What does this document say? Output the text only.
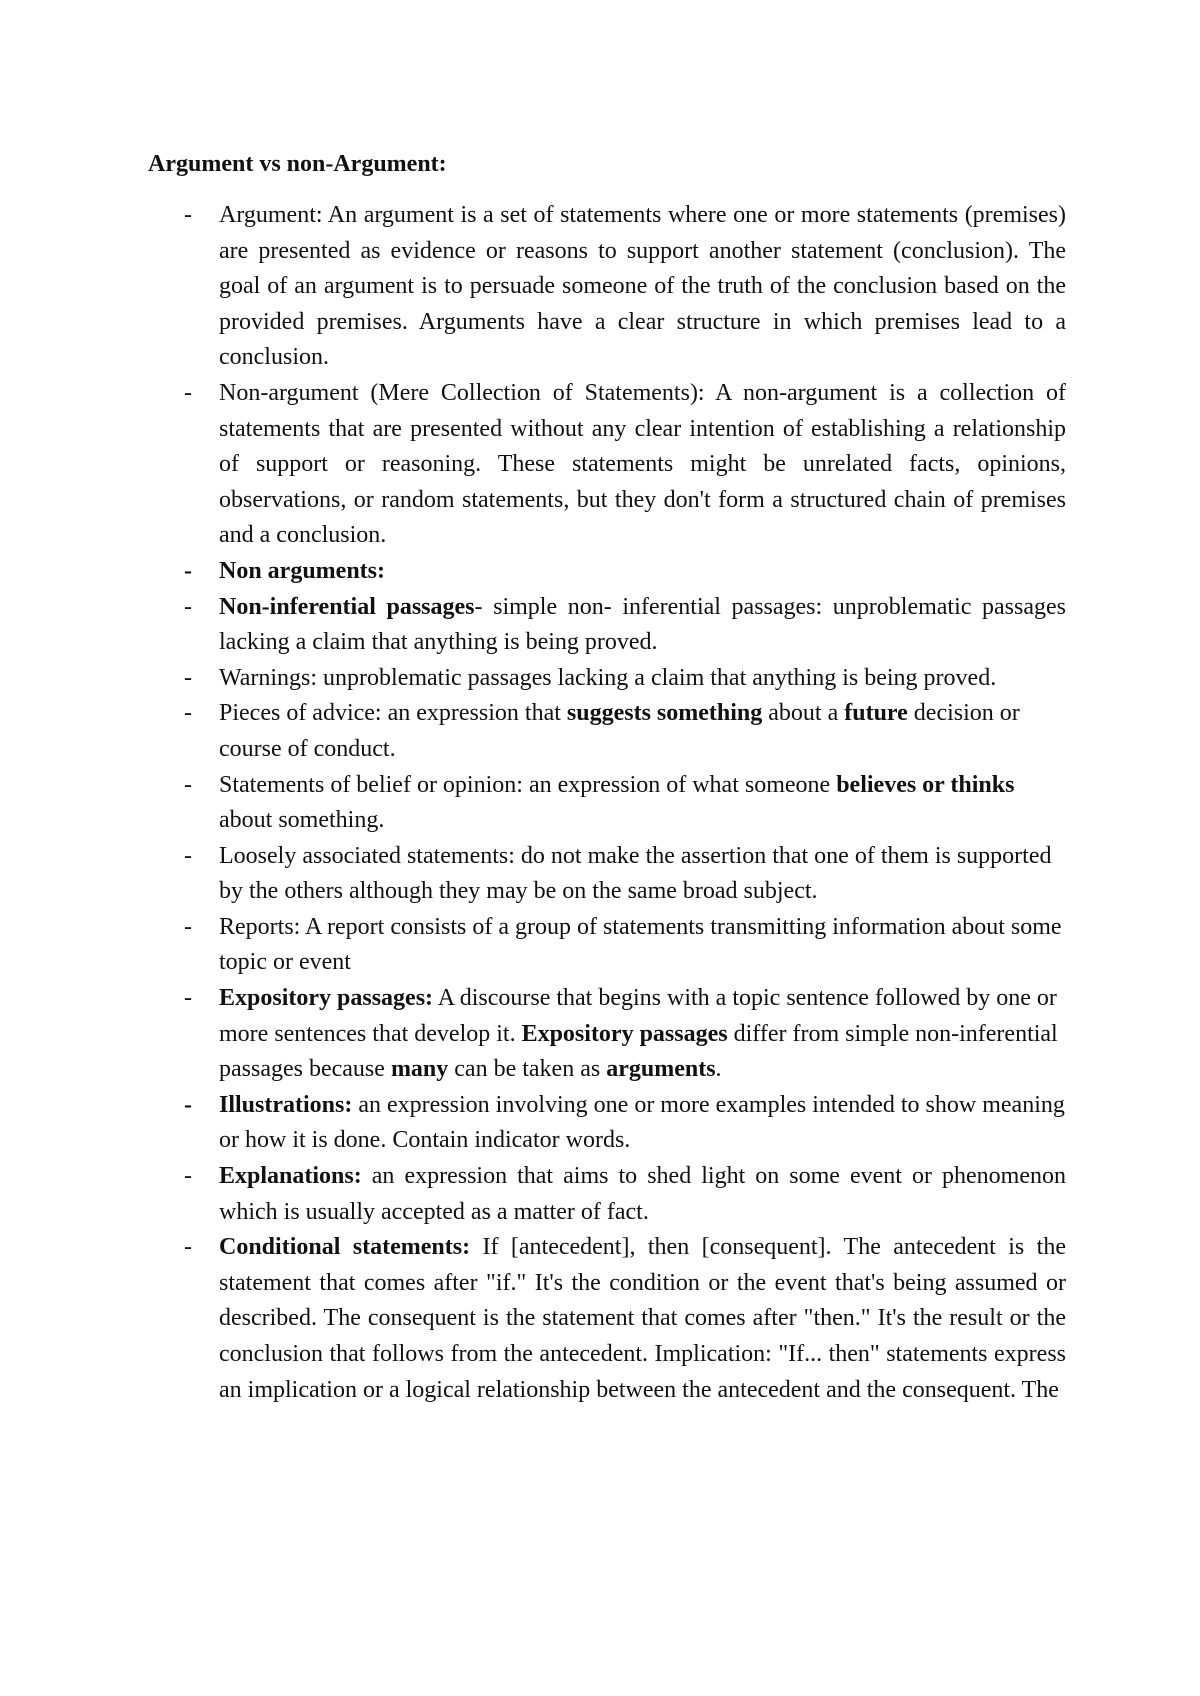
Argument vs non-Argument:

-	Argument: An argument is a set of statements where one or more statements (premises) are presented as evidence or reasons to support another statement (conclusion). The goal of an argument is to persuade someone of the truth of the conclusion based on the provided premises. Arguments have a clear structure in which premises lead to a conclusion.
-	Non-argument (Mere Collection of Statements): A non-argument is a collection of statements that are presented without any clear intention of establishing a relationship of support or reasoning. These statements might be unrelated facts, opinions, observations, or random statements, but they don't form a structured chain of premises and a conclusion.
-	Non arguments:
-	Non-inferential passages- simple non- inferential passages: unproblematic passages lacking a claim that anything is being proved.
-	Warnings: unproblematic passages lacking a claim that anything is being proved.
-	Pieces of advice: an expression that suggests something about a future decision or course of conduct.
-	Statements of belief or opinion: an expression of what someone believes or thinks about something.
-	Loosely associated statements: do not make the assertion that one of them is supported by the others although they may be on the same broad subject.
-	Reports: A report consists of a group of statements transmitting information about some topic or event
-	Expository passages: A discourse that begins with a topic sentence followed by one or more sentences that develop it. Expository passages differ from simple non-inferential passages because many can be taken as arguments.
-	Illustrations: an expression involving one or more examples intended to show meaning or how it is done. Contain indicator words.
-	Explanations: an expression that aims to shed light on some event or phenomenon which is usually accepted as a matter of fact.
-	Conditional statements: If [antecedent], then [consequent]. The antecedent is the statement that comes after "if." It's the condition or the event that's being assumed or described. The consequent is the statement that comes after "then." It's the result or the conclusion that follows from the antecedent. Implication: "If... then" statements express an implication or a logical relationship between the antecedent and the consequent. The
